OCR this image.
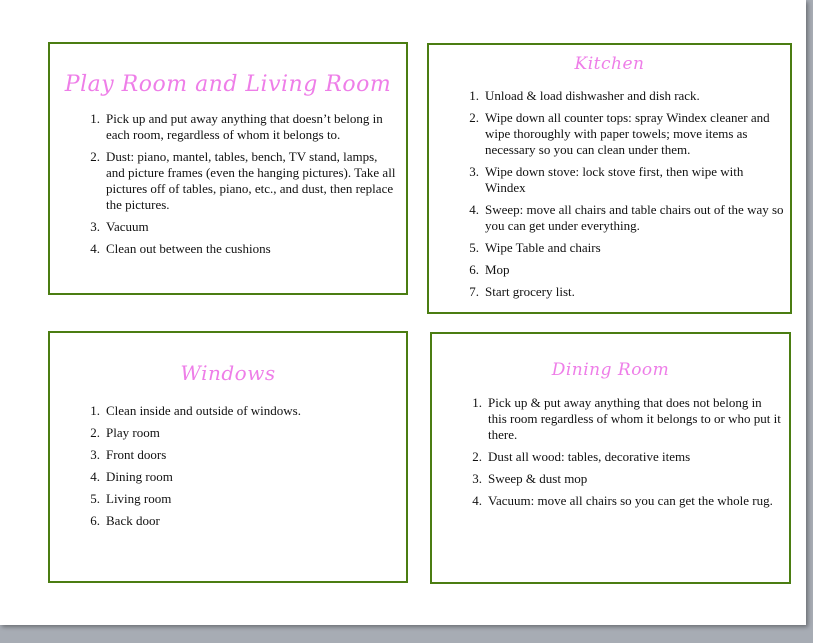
Play Room and Living Room
Pick up and put away anything that doesn’t belong in each room, regardless of whom it belongs to.
Dust: piano, mantel, tables, bench, TV stand, lamps, and picture frames (even the hanging pictures). Take all pictures off of tables, piano, etc., and dust, then replace the pictures.
Vacuum
Clean out between the cushions
Kitchen
Unload & load dishwasher and dish rack.
Wipe down all counter tops: spray Windex cleaner and wipe thoroughly with paper towels; move items as necessary so you can clean under them.
Wipe down stove: lock stove first, then wipe with Windex
Sweep: move all chairs and table chairs out of the way so you can get under everything.
Wipe Table and chairs
Mop
Start grocery list.
Windows
Clean inside and outside of windows.
Play room
Front doors
Dining room
Living room
Back door
Dining Room
Pick up & put away anything that does not belong in this room regardless of whom it belongs to or who put it there.
Dust all wood: tables, decorative items
Sweep & dust mop
Vacuum: move all chairs so you can get the whole rug.
